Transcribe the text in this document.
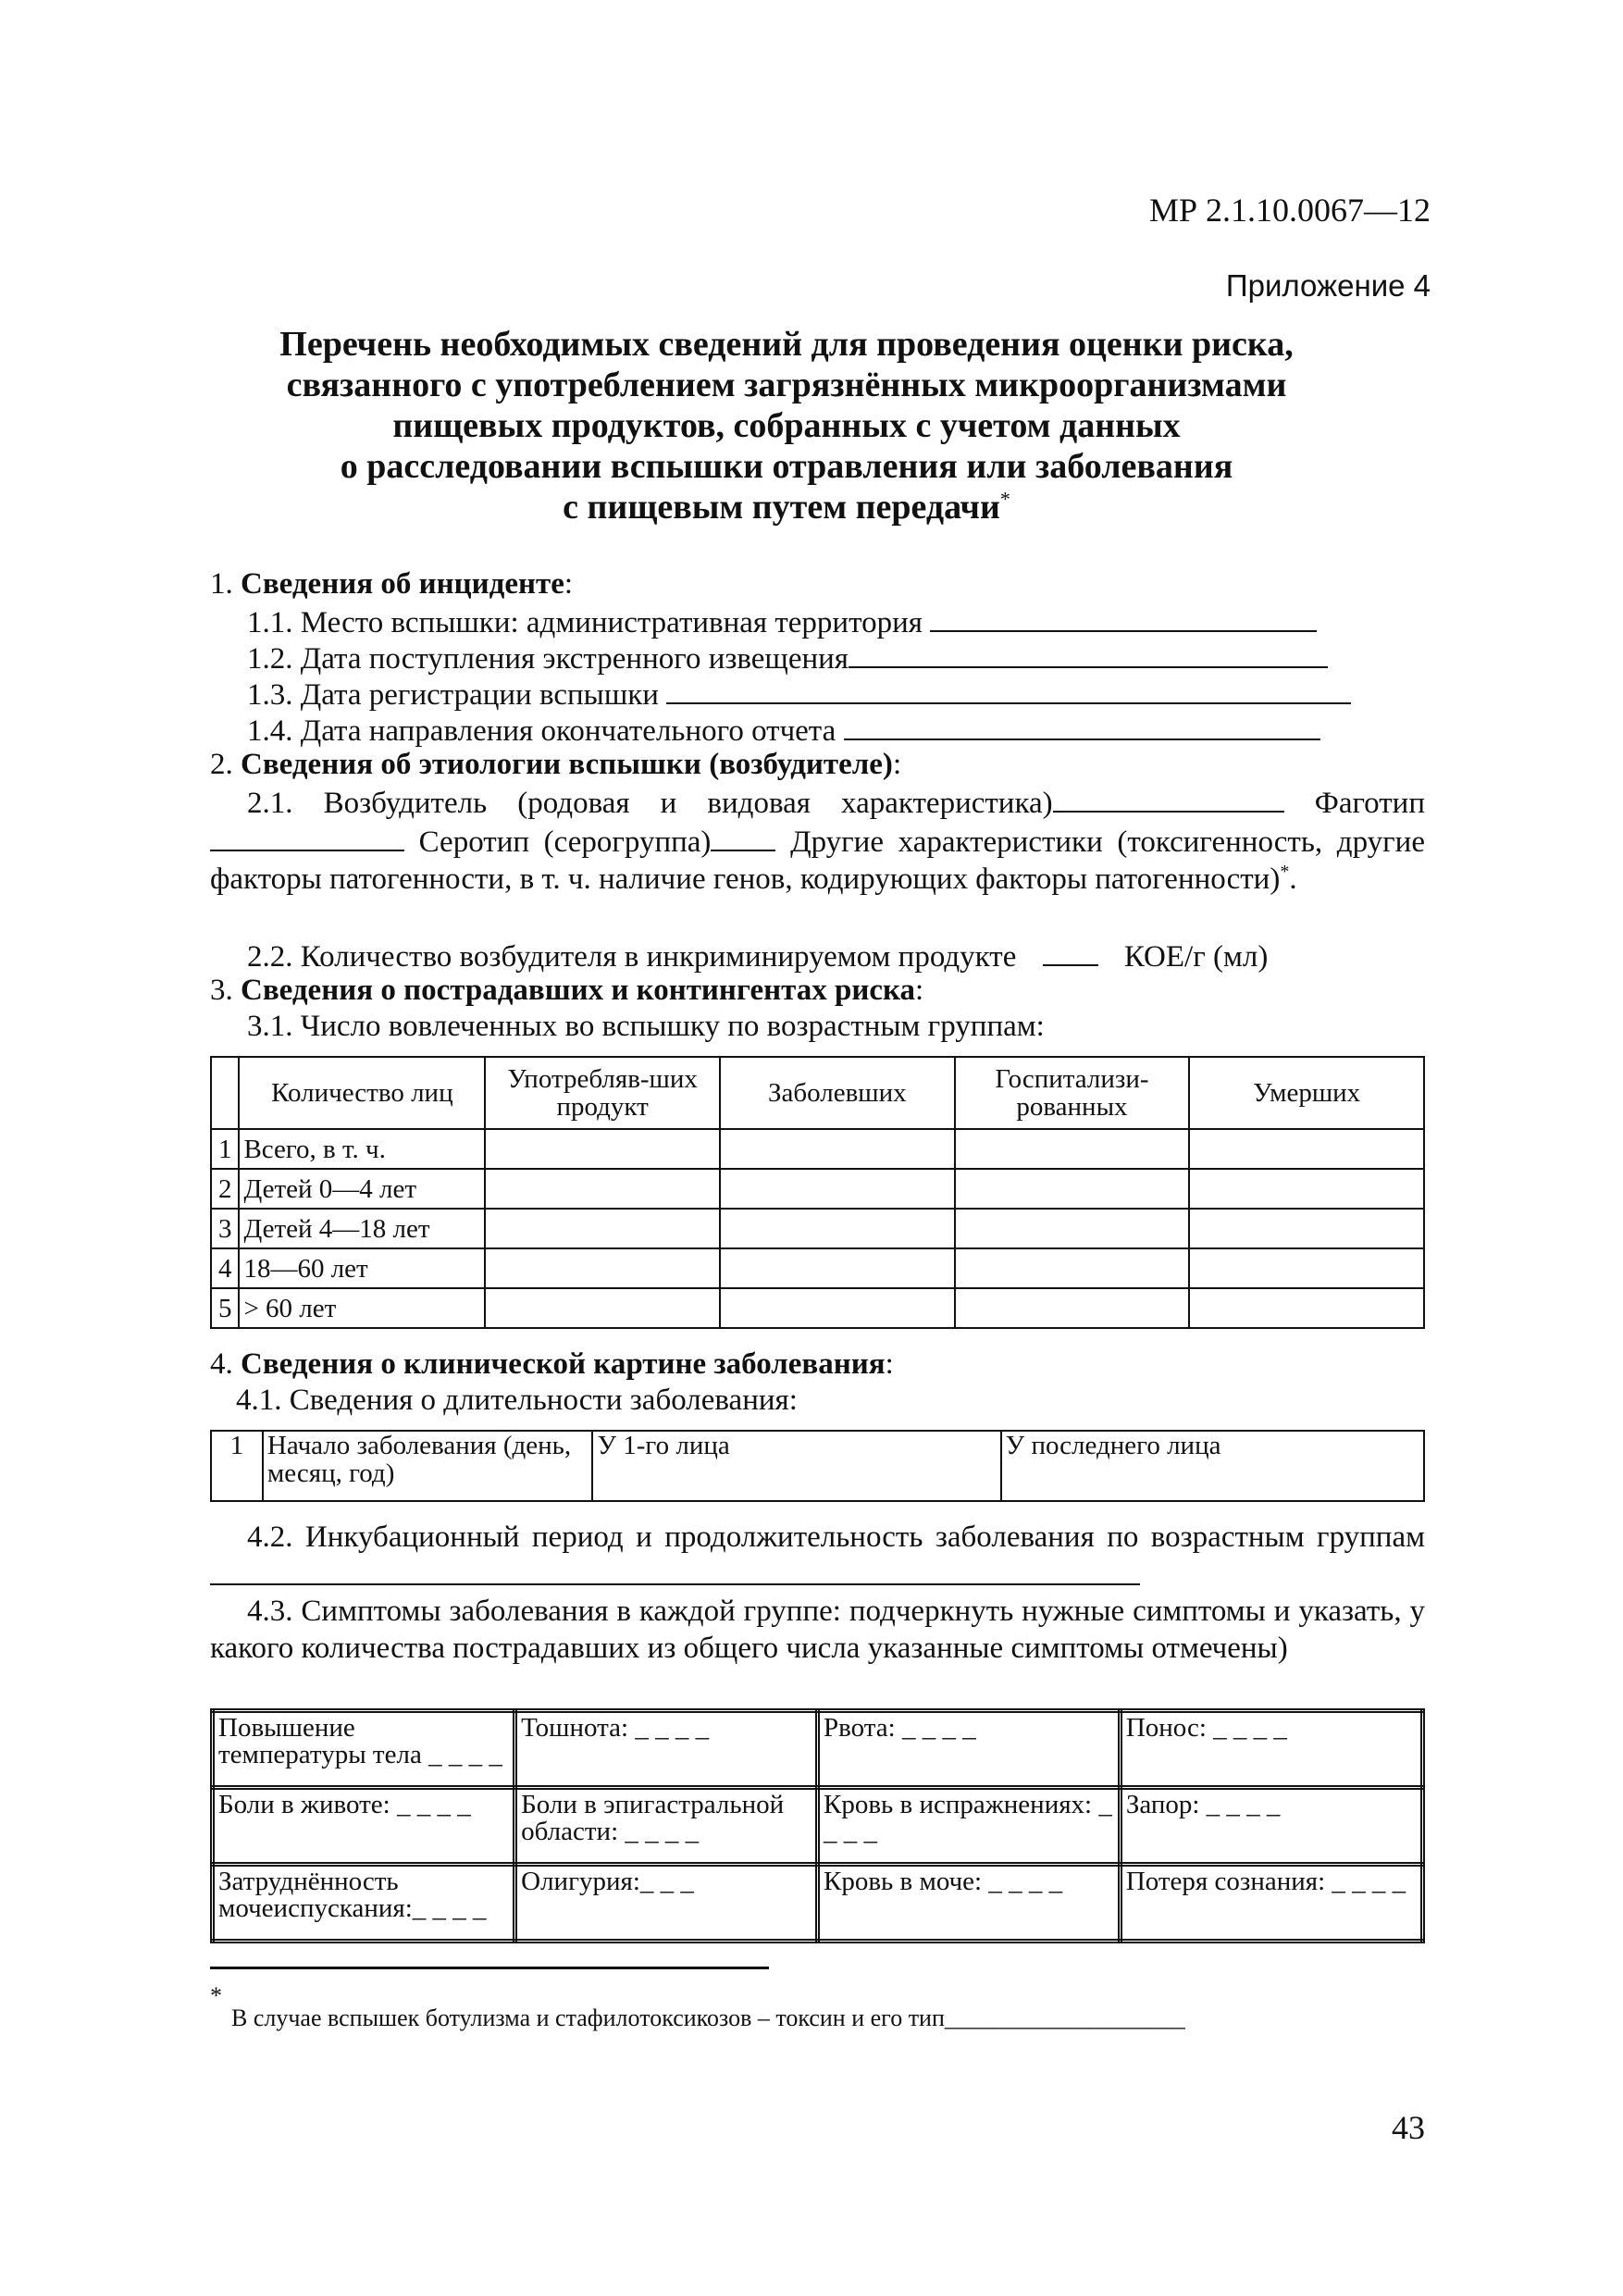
МР 2.1.10.0067—12
Приложение 4
Перечень необходимых сведений для проведения оценки риска,
связанного с употреблением загрязнённых микроорганизмами
пищевых продуктов, собранных с учетом данных
о расследовании вспышки отравления или заболевания
с пищевым путем передачи*
1. Сведения об инциденте:
1.1. Место вспышки: административная территория
1.2. Дата поступления экстренного извещения
1.3. Дата регистрации вспышки
1.4. Дата направления окончательного отчета
2. Сведения об этиологии вспышки (возбудителе):
2.1. Возбудитель (родовая и видовая характеристика)	Фаготип Серотип (серогруппа) Другие характеристики (токсигенность, другие факторы патогенности, в т. ч. наличие генов, кодирующих факторы патогенности)*.
2.2. Количество возбудителя в инкриминируемом продукте	КОЕ/г (мл)
3. Сведения о пострадавших и контингентах риска:
3.1. Число вовлеченных во вспышку по возрастным группам:
	Количество лиц	Употребляв-ших продукт	Заболевших	Госпитализи-рованных	Умерших
1	Всего, в т. ч.				
2	Детей 0—4 лет				
3	Детей 4—18 лет				
4	18—60 лет				
5	> 60 лет				
4. Сведения о клинической картине заболевания:
4.1. Сведения о длительности заболевания:
1	Начало заболевания (день, месяц, год)	У 1-го лица	У последнего лица
4.2. Инкубационный период и продолжительность заболевания по возрастным группам
4.3. Симптомы заболевания в каждой группе: подчеркнуть нужные симптомы и указать, у какого количества пострадавших из общего числа указанные симптомы отмечены)
Повышение температуры тела _ _ _ _	Тошнота: _ _ _ _	Рвота: _ _ _ _	Понос: _ _ _ _
Боли в животе: _ _ _ _	Боли в эпигастральной области: _ _ _ _	Кровь в испражнениях: _ _ _ _	Запор: _ _ _ _
Затруднённость мочеиспускания:_ _ _ _	Олигурия:_ _ _	Кровь в моче: _ _ _ _	Потеря сознания: _ _ _ _
*
В случае вспышек ботулизма и стафилотоксикозов – токсин и его тип____________________
43
